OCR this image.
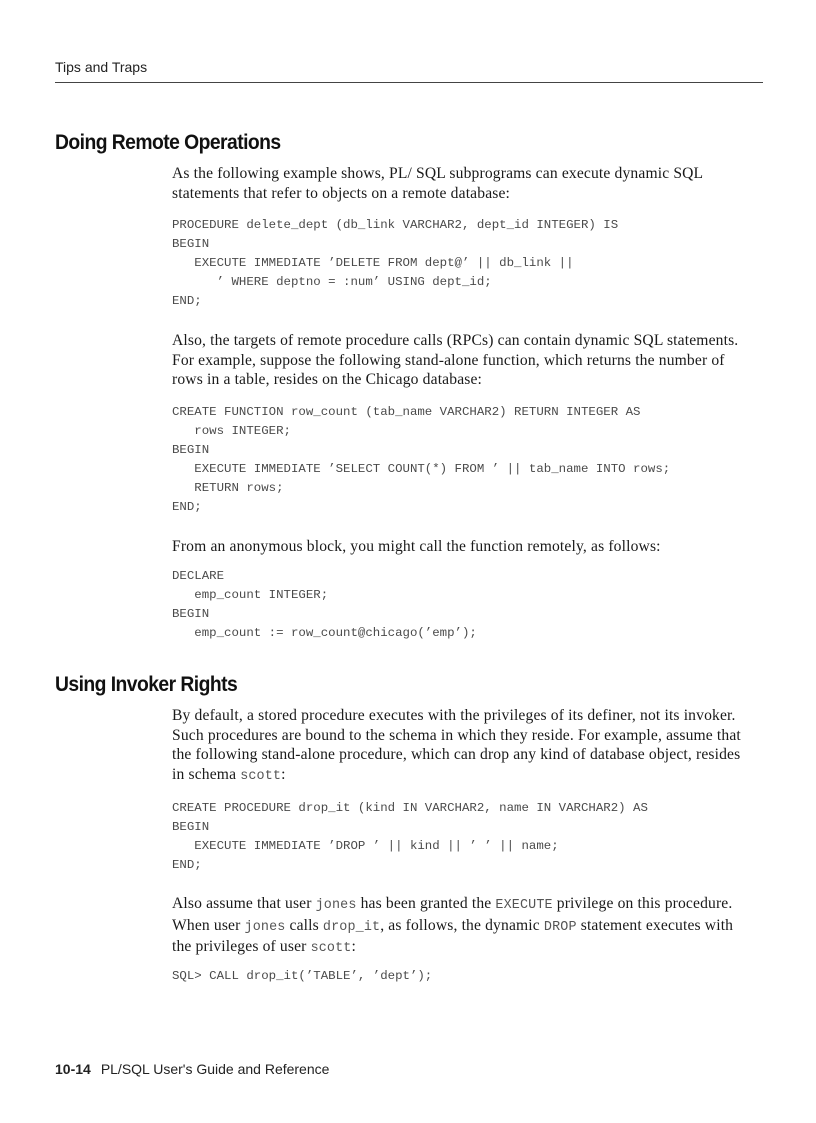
Tips and Traps
Doing Remote Operations

As the following example shows, PL/ SQL subprograms can execute dynamic SQL statements that refer to objects on a remote database:

PROCEDURE delete_dept (db_link VARCHAR2, dept_id INTEGER) IS
BEGIN
EXECUTE IMMEDIATE ’DELETE FROM dept@’ || db_link ||
’ WHERE deptno = :num’ USING dept_id;
END;

Also, the targets of remote procedure calls (RPCs) can contain dynamic SQL statements. For example, suppose the following stand-alone function, which returns the number of rows in a table, resides on the Chicago database:

CREATE FUNCTION row_count (tab_name VARCHAR2) RETURN INTEGER AS
rows INTEGER;
BEGIN
EXECUTE IMMEDIATE ’SELECT COUNT(*) FROM ’ || tab_name INTO rows;
RETURN rows;
END;

From an anonymous block, you might call the function remotely, as follows:

DECLARE
emp_count INTEGER;
BEGIN
emp_count := row_count@chicago(’emp’);
Using Invoker Rights

By default, a stored procedure executes with the privileges of its definer, not its invoker. Such procedures are bound to the schema in which they reside. For example, assume that the following stand-alone procedure, which can drop any kind of database object, resides in schema scott:

CREATE PROCEDURE drop_it (kind IN VARCHAR2, name IN VARCHAR2) AS
BEGIN
EXECUTE IMMEDIATE ’DROP ’ || kind || ’ ’ || name;
END;

Also assume that user jones has been granted the EXECUTE privilege on this procedure. When user jones calls drop_it, as follows, the dynamic DROP statement executes with the privileges of user scott:

SQL> CALL drop_it(’TABLE’, ’dept’);
10-14 PL/SQL User's Guide and Reference
